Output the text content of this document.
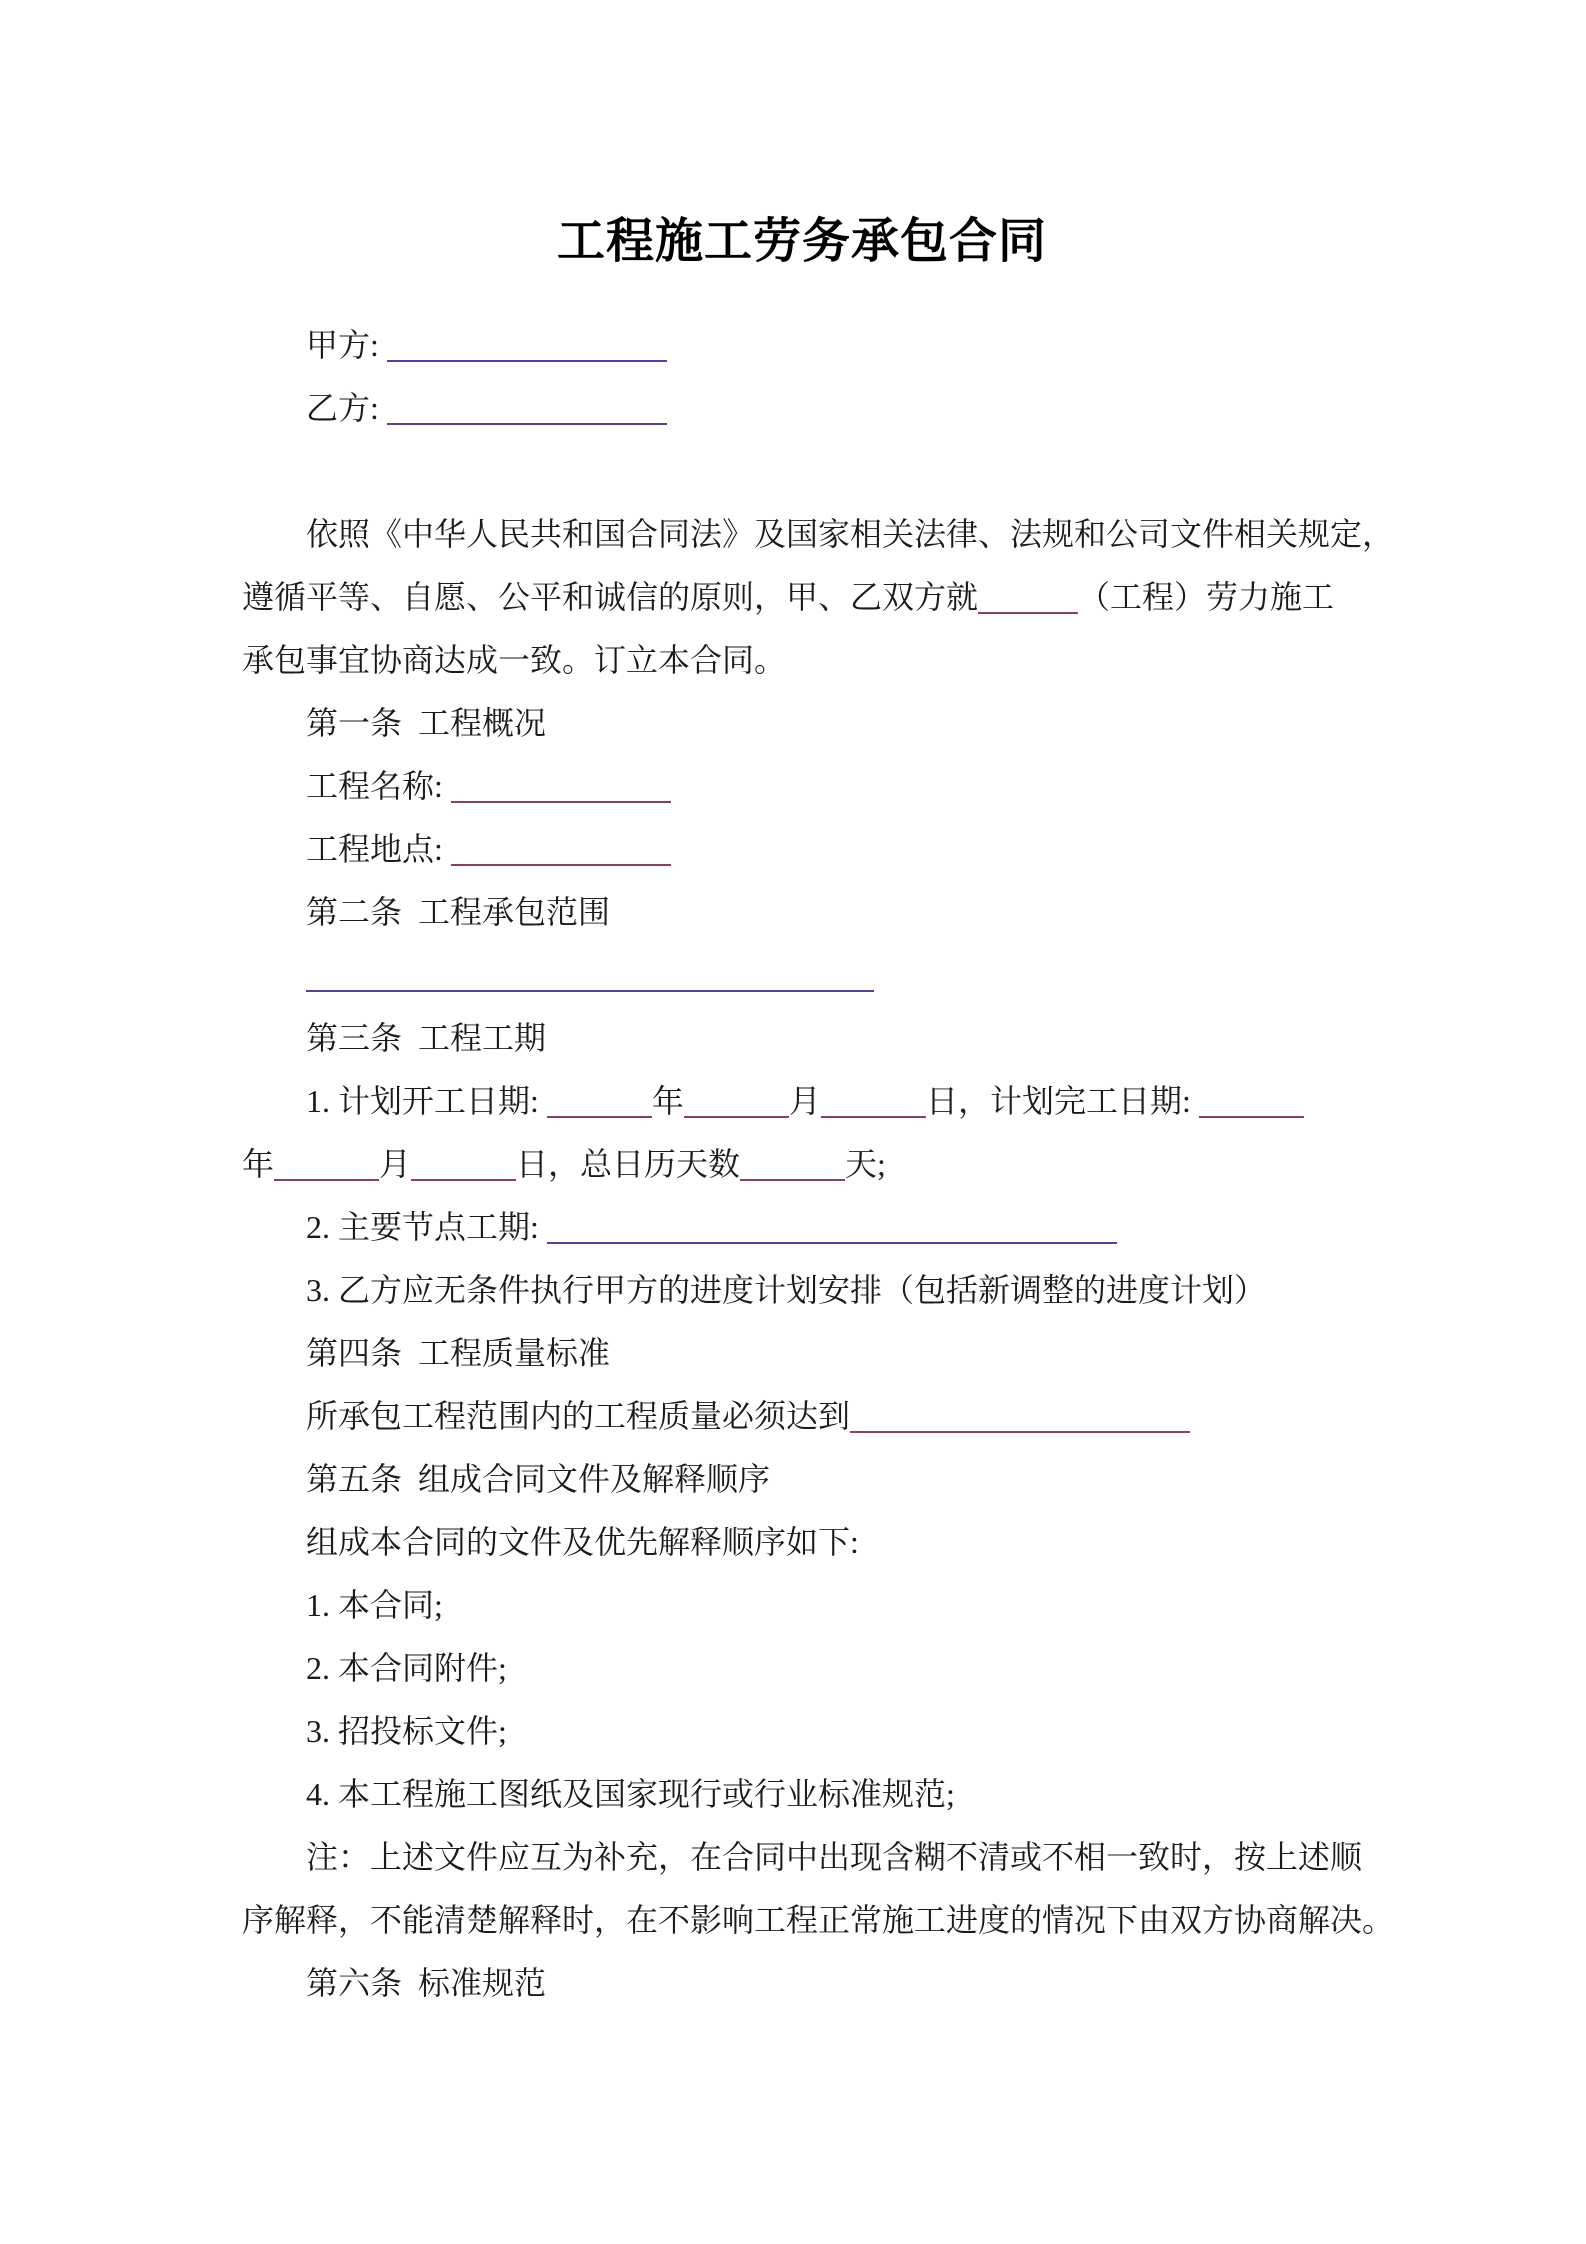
工程施工劳务承包合同
甲方:
乙方:
依照《中华人民共和国合同法》及国家相关法律、法规和公司文件相关规定，
遵循平等、自愿、公平和诚信的原则，甲、乙双方就	（工程）劳力施工
承包事宜协商达成一致。订立本合同。
第一条  工程概况
工程名称:
工程地点:
第二条  工程承包范围
第三条  工程工期
1. 计划开工日期:	年	月	日，计划完工日期:
年	月	日，总日历天数	天;
2. 主要节点工期:
3. 乙方应无条件执行甲方的进度计划安排（包括新调整的进度计划）
第四条  工程质量标准
所承包工程范围内的工程质量必须达到
第五条  组成合同文件及解释顺序
组成本合同的文件及优先解释顺序如下:
1. 本合同;
2. 本合同附件;
3. 招投标文件;
4. 本工程施工图纸及国家现行或行业标准规范;
注：上述文件应互为补充，在合同中出现含糊不清或不相一致时，按上述顺
序解释，不能清楚解释时，在不影响工程正常施工进度的情况下由双方协商解决。
第六条  标准规范
